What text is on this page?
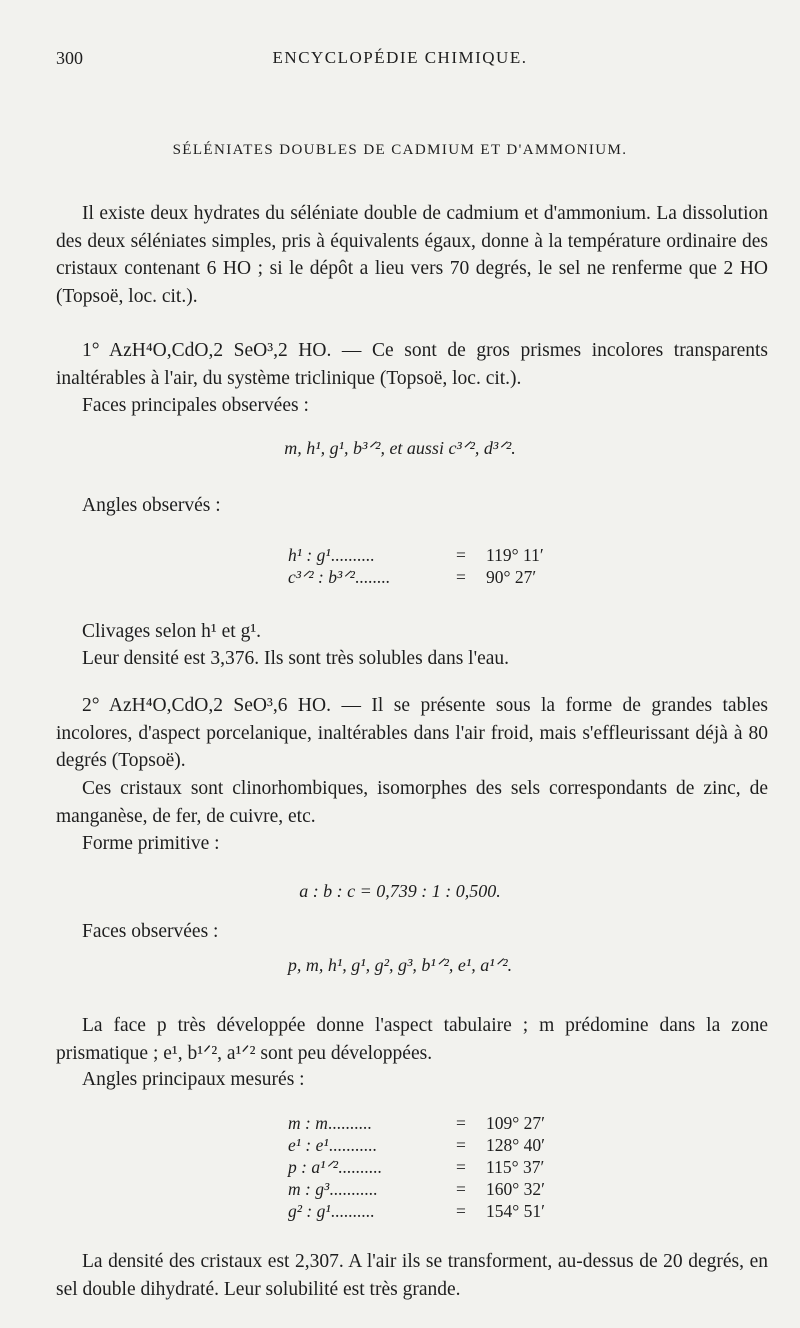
300	ENCYCLOPÉDIE CHIMIQUE.
SÉLÉNIATES DOUBLES DE CADMIUM ET D'AMMONIUM.
Il existe deux hydrates du séléniate double de cadmium et d'ammonium. La dissolution des deux séléniates simples, pris à équivalents égaux, donne à la température ordinaire des cristaux contenant 6 HO ; si le dépôt a lieu vers 70 degrés, le sel ne renferme que 2 HO (Topsoë, loc. cit.).
1° AzH⁴O,CdO,2 SeO³,2 HO. — Ce sont de gros prismes incolores transparents inaltérables à l'air, du système triclinique (Topsoë, loc. cit.).
Faces principales observées :
m, h¹, g¹, b³ᐟ², et aussi c³ᐟ², d³ᐟ².
Angles observés :
h¹ : g¹..........	=	119° 11′
c³ᐟ² : b³ᐟ²........	=	90° 27′
Clivages selon h¹ et g¹.
Leur densité est 3,376. Ils sont très solubles dans l'eau.
2° AzH⁴O,CdO,2 SeO³,6 HO. — Il se présente sous la forme de grandes tables incolores, d'aspect porcelanique, inaltérables dans l'air froid, mais s'effleurissant déjà à 80 degrés (Topsoë).
Ces cristaux sont clinorhombiques, isomorphes des sels correspondants de zinc, de manganèse, de fer, de cuivre, etc.
Forme primitive :
a : b : c = 0,739 : 1 : 0,500.
Faces observées :
p, m, h¹, g¹, g², g³, b¹ᐟ², e¹, a¹ᐟ².
La face p très développée donne l'aspect tabulaire ; m prédomine dans la zone prismatique ; e¹, b¹ᐟ², a¹ᐟ² sont peu développées.
Angles principaux mesurés :
m : m..........	=	109° 27′
e¹ : e¹...........	=	128° 40′
p : a¹ᐟ²..........	=	115° 37′
m : g³...........	=	160° 32′
g² : g¹..........	=	154° 51′
La densité des cristaux est 2,307. A l'air ils se transforment, au-dessus de 20 degrés, en sel double dihydraté. Leur solubilité est très grande.
